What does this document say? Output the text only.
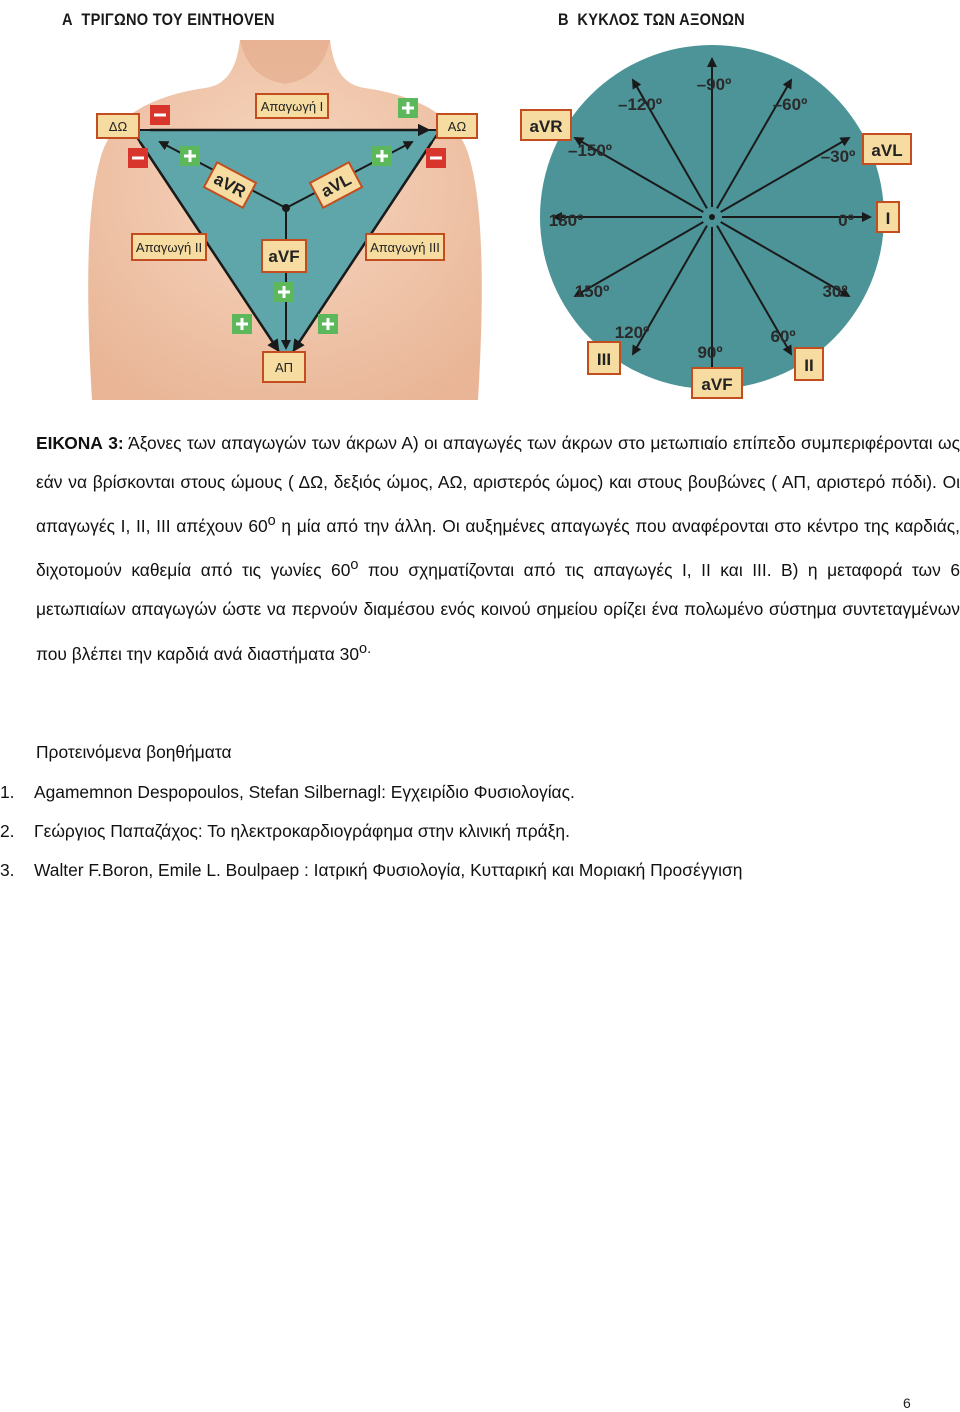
Α ΤΡΙΓΩΝΟ ΤΟΥ EINTHOVEN	Β ΚΥΚΛΟΣ ΤΩΝ ΑΞΟΝΩΝ
ΔΩ	ΑΩ
ΑΠ
Απαγωγή Ι
Απαγωγή ΙΙ	Απαγωγή ΙΙΙ
aVR	aVL
aVF
–90º
–120º	–60º
–150º	–30º
180º	0º
150º	30º
120º	60º
90º
aVR
aVL
I
III	II
aVF
ΕΙΚΟΝΑ 3: Άξονες των απαγωγών των άκρων Α) οι απαγωγές των άκρων στο μετωπιαίο επίπεδο συμπεριφέρονται ως εάν να βρίσκονται στους ώμους ( ΔΩ, δεξιός ώμος, ΑΩ, αριστερός ώμος) και στους βουβώνες ( ΑΠ, αριστερό πόδι). Οι απαγωγές Ι, ΙΙ, ΙΙΙ απέχουν $60^o$ η μία από την άλλη. Οι αυξημένες απαγωγές που αναφέρονται στο κέντρο της καρδιάς, διχοτομούν καθεμία από τις γωνίες $60^o$ που σχηματίζονται από τις απαγωγές Ι, ΙΙ και ΙΙΙ. Β) η μεταφορά των 6 μετωπιαίων απαγωγών ώστε να περνούν διαμέσου ενός κοινού σημείου ορίζει ένα πολωμένο σύστημα συντεταγμένων που βλέπει την καρδιά ανά διαστήματα $30^{o.}$
Προτεινόμενα βοηθήματα
1. Agamemnon Despopoulos, Stefan Silbernagl: Εγχειρίδιο Φυσιολογίας.
2. Γεώργιος Παπαζάχος: Το ηλεκτροκαρδιογράφημα στην κλινική πράξη.
3. Walter F.Boron, Emile L. Boulpaep : Ιατρική Φυσιολογία, Κυτταρική και Μοριακή Προσέγγιση
6
